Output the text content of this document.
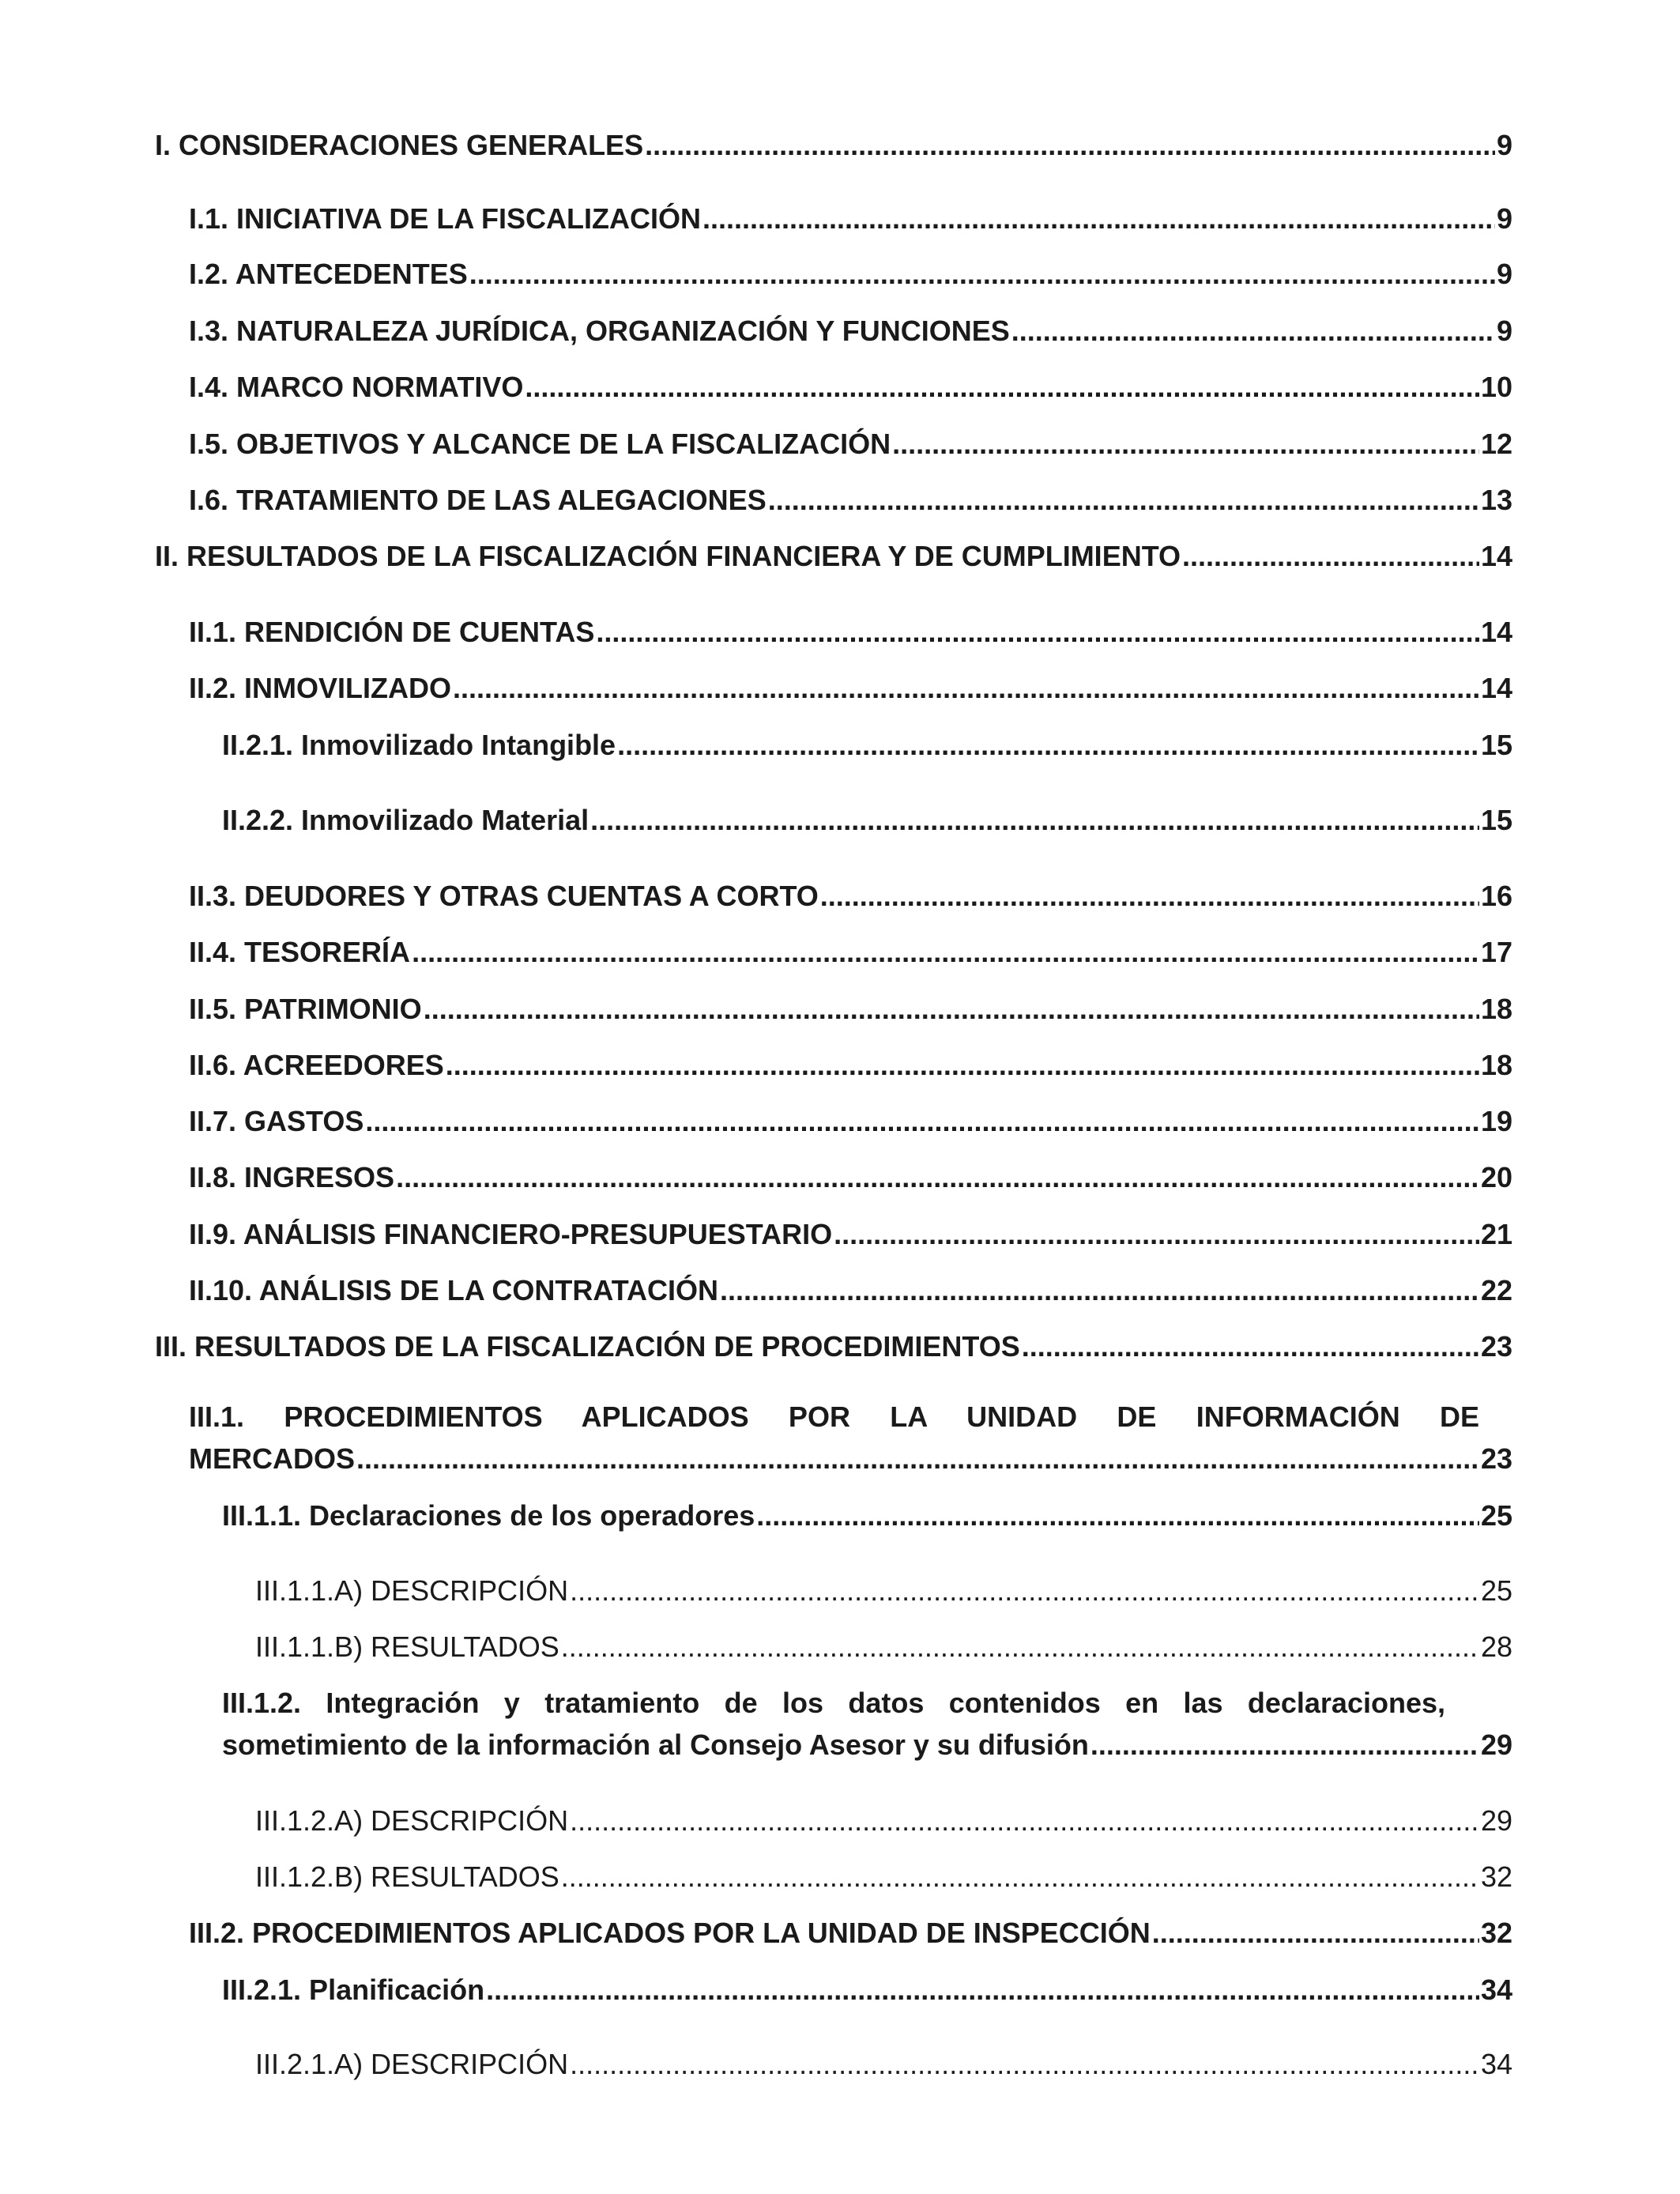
I. CONSIDERACIONES GENERALES .....	9
I.1. INICIATIVA DE LA FISCALIZACIÓN .....	9
I.2. ANTECEDENTES .....	9
I.3. NATURALEZA JURÍDICA, ORGANIZACIÓN Y FUNCIONES .....	9
I.4. MARCO NORMATIVO .....	10
I.5. OBJETIVOS Y ALCANCE DE LA FISCALIZACIÓN .....	12
I.6. TRATAMIENTO DE LAS ALEGACIONES .....	13
II. RESULTADOS DE LA FISCALIZACIÓN FINANCIERA Y DE CUMPLIMIENTO .....	14
II.1. RENDICIÓN DE CUENTAS .....	14
II.2. INMOVILIZADO .....	14
II.2.1. Inmovilizado Intangible .....	15
II.2.2. Inmovilizado Material .....	15
II.3. DEUDORES Y OTRAS CUENTAS A CORTO .....	16
II.4. TESORERÍA .....	17
II.5. PATRIMONIO .....	18
II.6. ACREEDORES .....	18
II.7. GASTOS .....	19
II.8. INGRESOS .....	20
II.9. ANÁLISIS FINANCIERO-PRESUPUESTARIO .....	21
II.10. ANÁLISIS DE LA CONTRATACIÓN .....	22
III. RESULTADOS DE LA FISCALIZACIÓN DE PROCEDIMIENTOS .....	23
III.1. PROCEDIMIENTOS APLICADOS POR LA UNIDAD DE INFORMACIÓN DE
MERCADOS .....	23
III.1.1. Declaraciones de los operadores .....	25
III.1.1.A) DESCRIPCIÓN .....	25
III.1.1.B) RESULTADOS .....	28
III.1.2. Integración y tratamiento de los datos contenidos en las declaraciones,
sometimiento de la información al Consejo Asesor y su difusión .....	29
III.1.2.A) DESCRIPCIÓN .....	29
III.1.2.B) RESULTADOS .....	32
III.2. PROCEDIMIENTOS APLICADOS POR LA UNIDAD DE INSPECCIÓN .....	32
III.2.1. Planificación .....	34
III.2.1.A) DESCRIPCIÓN .....	34
